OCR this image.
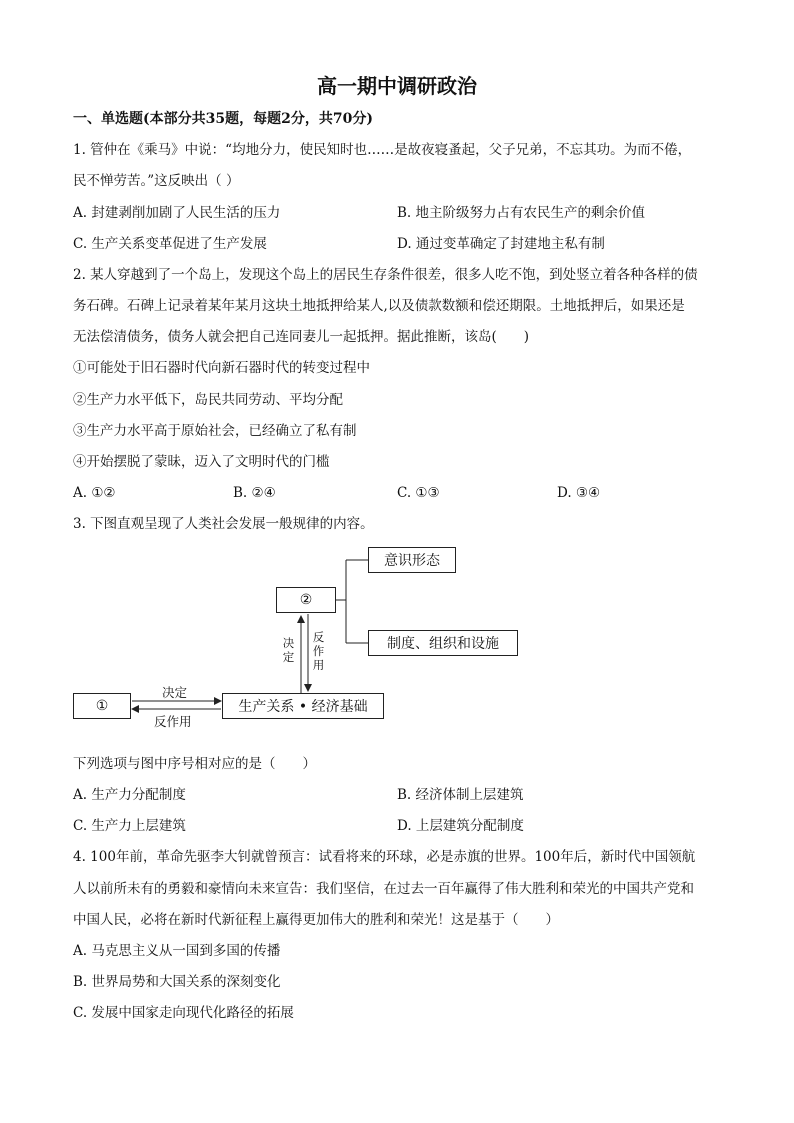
高一期中调研政治
一、单选题(本部分共35题，每题2分，共70分)
1. 管仲在《乘马》中说：“均地分力，使民知时也……是故夜寝蚤起，父子兄弟，不忘其功。为而不倦，
民不惮劳苦。”这反映出（ ）
A. 封建剥削加剧了人民生活的压力	B. 地主阶级努力占有农民生产的剩余价值
C. 生产关系变革促进了生产发展	D. 通过变革确定了封建地主私有制
2. 某人穿越到了一个岛上，发现这个岛上的居民生存条件很差，很多人吃不饱，到处竖立着各种各样的债
务石碑。石碑上记录着某年某月这块土地抵押给某人,以及债款数额和偿还期限。土地抵押后，如果还是
无法偿清债务，债务人就会把自己连同妻儿一起抵押。据此推断，该岛(　　)
①可能处于旧石器时代向新石器时代的转变过程中
②生产力水平低下，岛民共同劳动、平均分配
③生产力水平高于原始社会，已经确立了私有制
④开始摆脱了蒙昧，迈入了文明时代的门槛
A. ①②	B. ②④	C. ①③	D. ③④
3. 下图直观呈现了人类社会发展一般规律的内容。
意识形态
②
制度、组织和设施
①	生产关系 • 经济基础
决定
反作用
决定
反作用
下列选项与图中序号相对应的是（　　）
A. 生产力分配制度	B. 经济体制上层建筑
C. 生产力上层建筑	D. 上层建筑分配制度
4. 100年前，革命先驱李大钊就曾预言：试看将来的环球，必是赤旗的世界。100年后，新时代中国领航
人以前所未有的勇毅和豪情向未来宣告：我们坚信，在过去一百年赢得了伟大胜利和荣光的中国共产党和
中国人民，必将在新时代新征程上赢得更加伟大的胜利和荣光！这是基于（　　）
A. 马克思主义从一国到多国的传播
B. 世界局势和大国关系的深刻变化
C. 发展中国家走向现代化路径的拓展
